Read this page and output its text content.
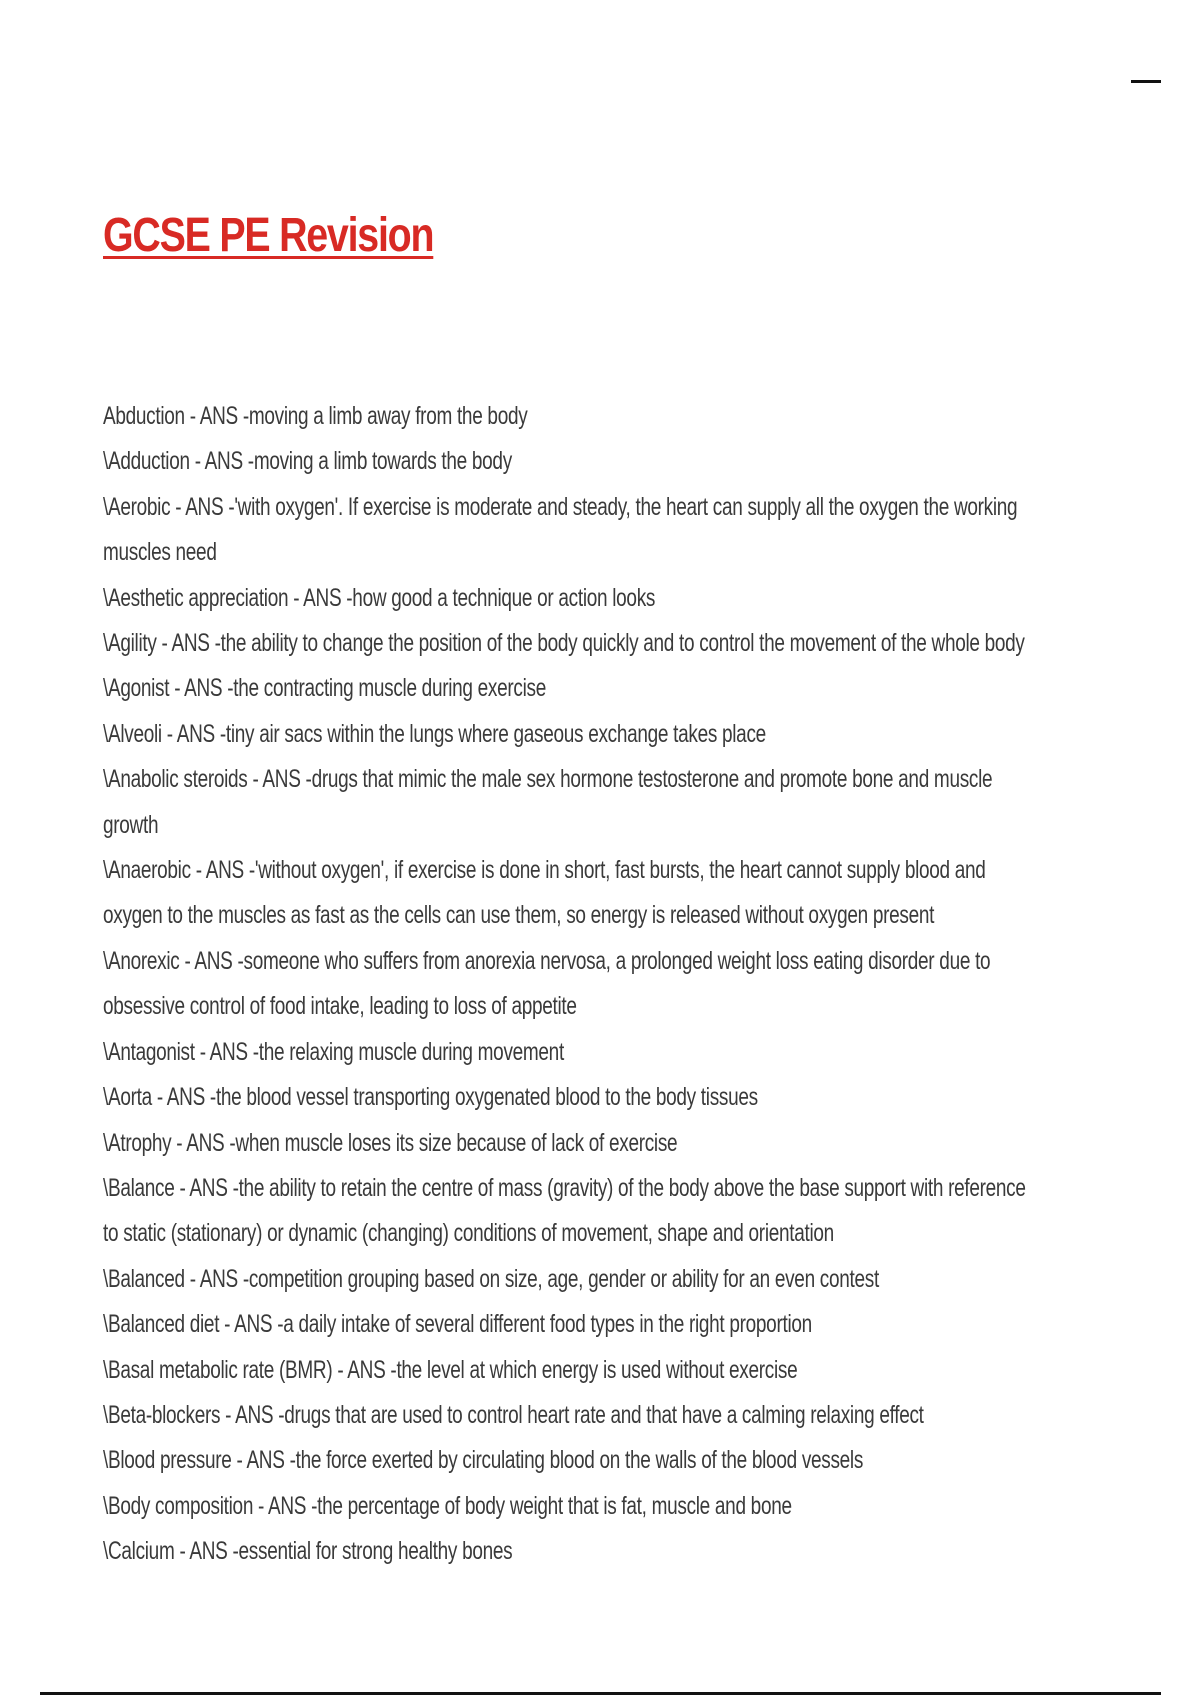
GCSE PE Revision
Abduction - ANS -moving a limb away from the body
\Adduction - ANS -moving a limb towards the body
\Aerobic - ANS -'with oxygen'. If exercise is moderate and steady, the heart can supply all the oxygen the working muscles need
\Aesthetic appreciation - ANS -how good a technique or action looks
\Agility - ANS -the ability to change the position of the body quickly and to control the movement of the whole body
\Agonist - ANS -the contracting muscle during exercise
\Alveoli - ANS -tiny air sacs within the lungs where gaseous exchange takes place
\Anabolic steroids - ANS -drugs that mimic the male sex hormone testosterone and promote bone and muscle growth
\Anaerobic - ANS -'without oxygen', if exercise is done in short, fast bursts, the heart cannot supply blood and oxygen to the muscles as fast as the cells can use them, so energy is released without oxygen present
\Anorexic - ANS -someone who suffers from anorexia nervosa, a prolonged weight loss eating disorder due to obsessive control of food intake, leading to loss of appetite
\Antagonist - ANS -the relaxing muscle during movement
\Aorta - ANS -the blood vessel transporting oxygenated blood to the body tissues
\Atrophy - ANS -when muscle loses its size because of lack of exercise
\Balance - ANS -the ability to retain the centre of mass (gravity) of the body above the base support with reference to static (stationary) or dynamic (changing) conditions of movement, shape and orientation
\Balanced - ANS -competition grouping based on size, age, gender or ability for an even contest
\Balanced diet - ANS -a daily intake of several different food types in the right proportion
\Basal metabolic rate (BMR) - ANS -the level at which energy is used without exercise
\Beta-blockers - ANS -drugs that are used to control heart rate and that have a calming relaxing effect
\Blood pressure - ANS -the force exerted by circulating blood on the walls of the blood vessels
\Body composition - ANS -the percentage of body weight that is fat, muscle and bone
\Calcium - ANS -essential for strong healthy bones
